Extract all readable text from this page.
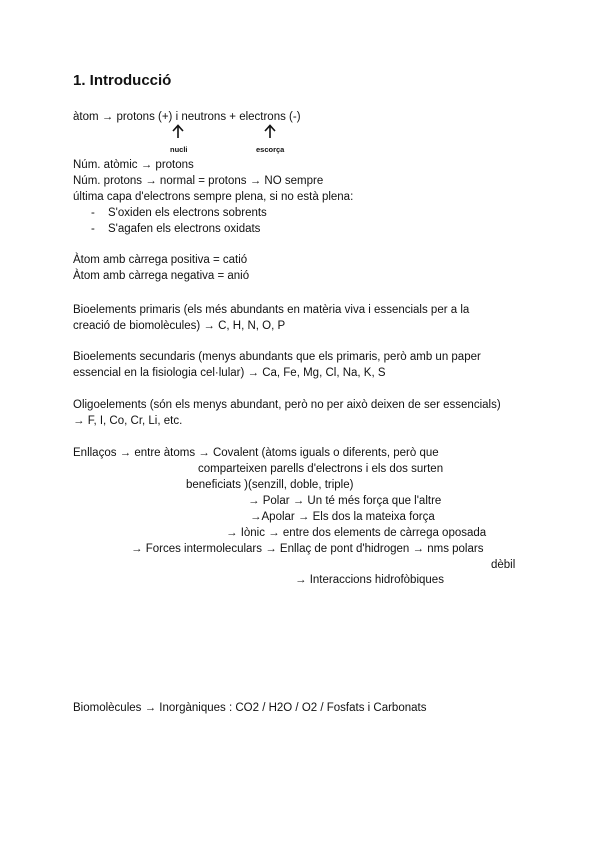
1. Introducció
àtom → protons (+) i neutrons + electrons (-)
nucli	escorça
Núm. atòmic → protons
Núm. protons → normal = protons → NO sempre
última capa d'electrons sempre plena, si no està plena:
- S'oxiden els electrons sobrents
- S'agafen els electrons oxidats
Àtom amb càrrega positiva = catió
Àtom amb càrrega negativa = anió
Bioelements primaris (els més abundants en matèria viva i essencials per a la
creació de biomolècules) → C, H, N, O, P
Bioelements secundaris (menys abundants que els primaris, però amb un paper
essencial en la fisiologia cel·lular) → Ca, Fe, Mg, Cl, Na, K, S
Oligoelements (són els menys abundant, però no per això deixen de ser essencials)
→ F, I, Co, Cr, Li, etc.
Enllaços → entre àtoms → Covalent (àtoms iguals o diferents, però que
comparteixen parells d'electrons i els dos surten
beneficiats )(senzill, doble, triple)
→ Polar → Un té més força que l'altre
→Apolar → Els dos la mateixa força
→ Iònic → entre dos elements de càrrega oposada
→ Forces intermoleculars → Enllaç de pont d'hidrogen → nms polars
dèbil
→ Interaccions hidrofòbiques
Biomolècules → Inorgàniques : CO2 / H2O / O2 / Fosfats i Carbonats
